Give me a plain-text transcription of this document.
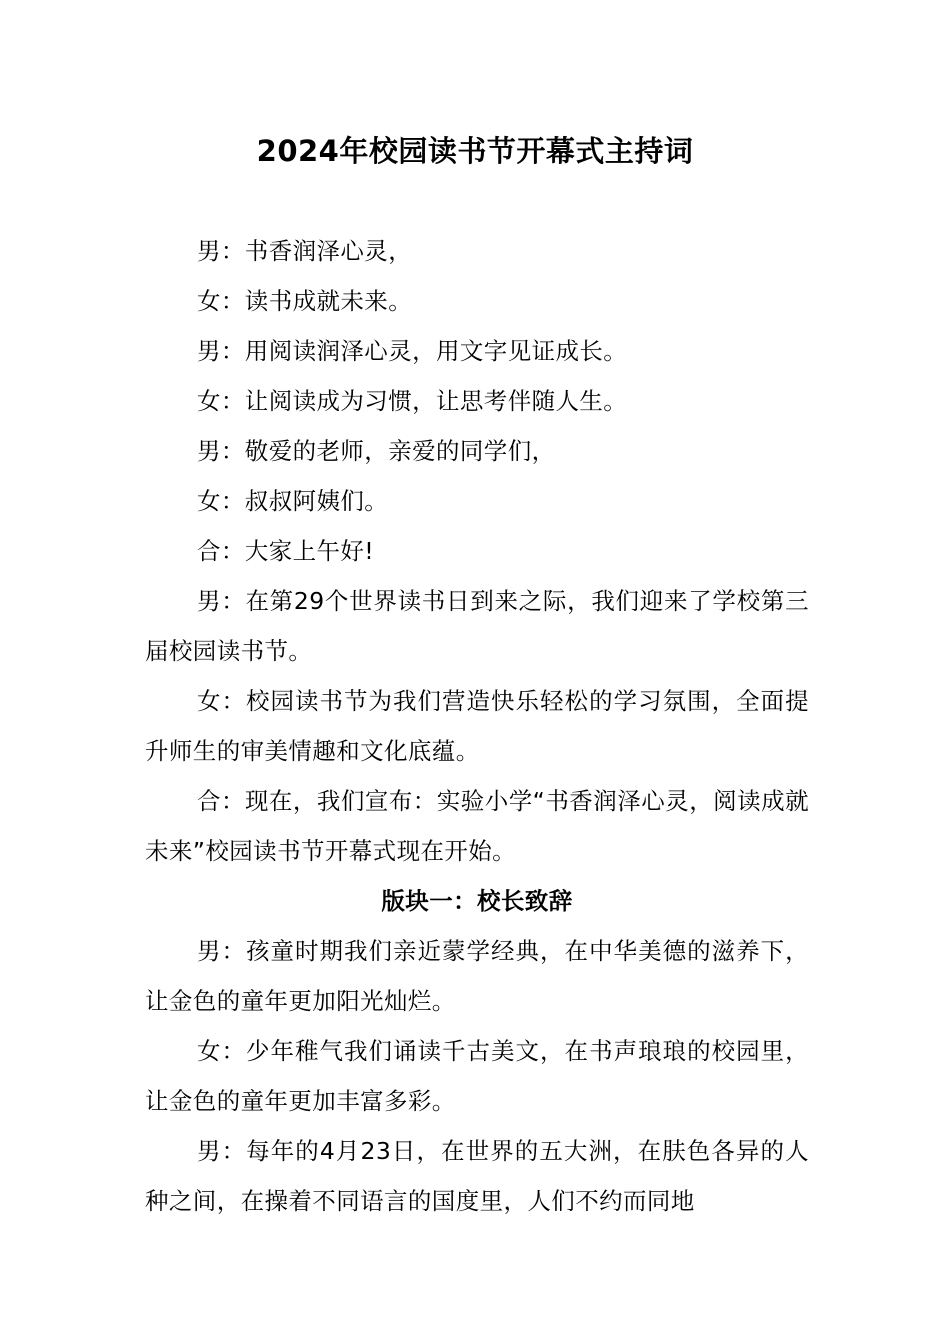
2024年校园读书节开幕式主持词

男：书香润泽心灵，

女：读书成就未来。

男：用阅读润泽心灵，用文字见证成长。

女：让阅读成为习惯，让思考伴随人生。

男：敬爱的老师，亲爱的同学们，

女：叔叔阿姨们。

合：大家上午好!

男：在第29个世界读书日到来之际，我们迎来了学校第三届校园读书节。

女：校园读书节为我们营造快乐轻松的学习氛围，全面提升师生的审美情趣和文化底蕴。

合：现在，我们宣布：实验小学“书香润泽心灵，阅读成就未来”校园读书节开幕式现在开始。

版块一：校长致辞

男：孩童时期我们亲近蒙学经典，在中华美德的滋养下，让金色的童年更加阳光灿烂。

女：少年稚气我们诵读千古美文，在书声琅琅的校园里，让金色的童年更加丰富多彩。

男：每年的4月23日，在世界的五大洲，在肤色各异的人种之间，在操着不同语言的国度里，人们不约而同地
